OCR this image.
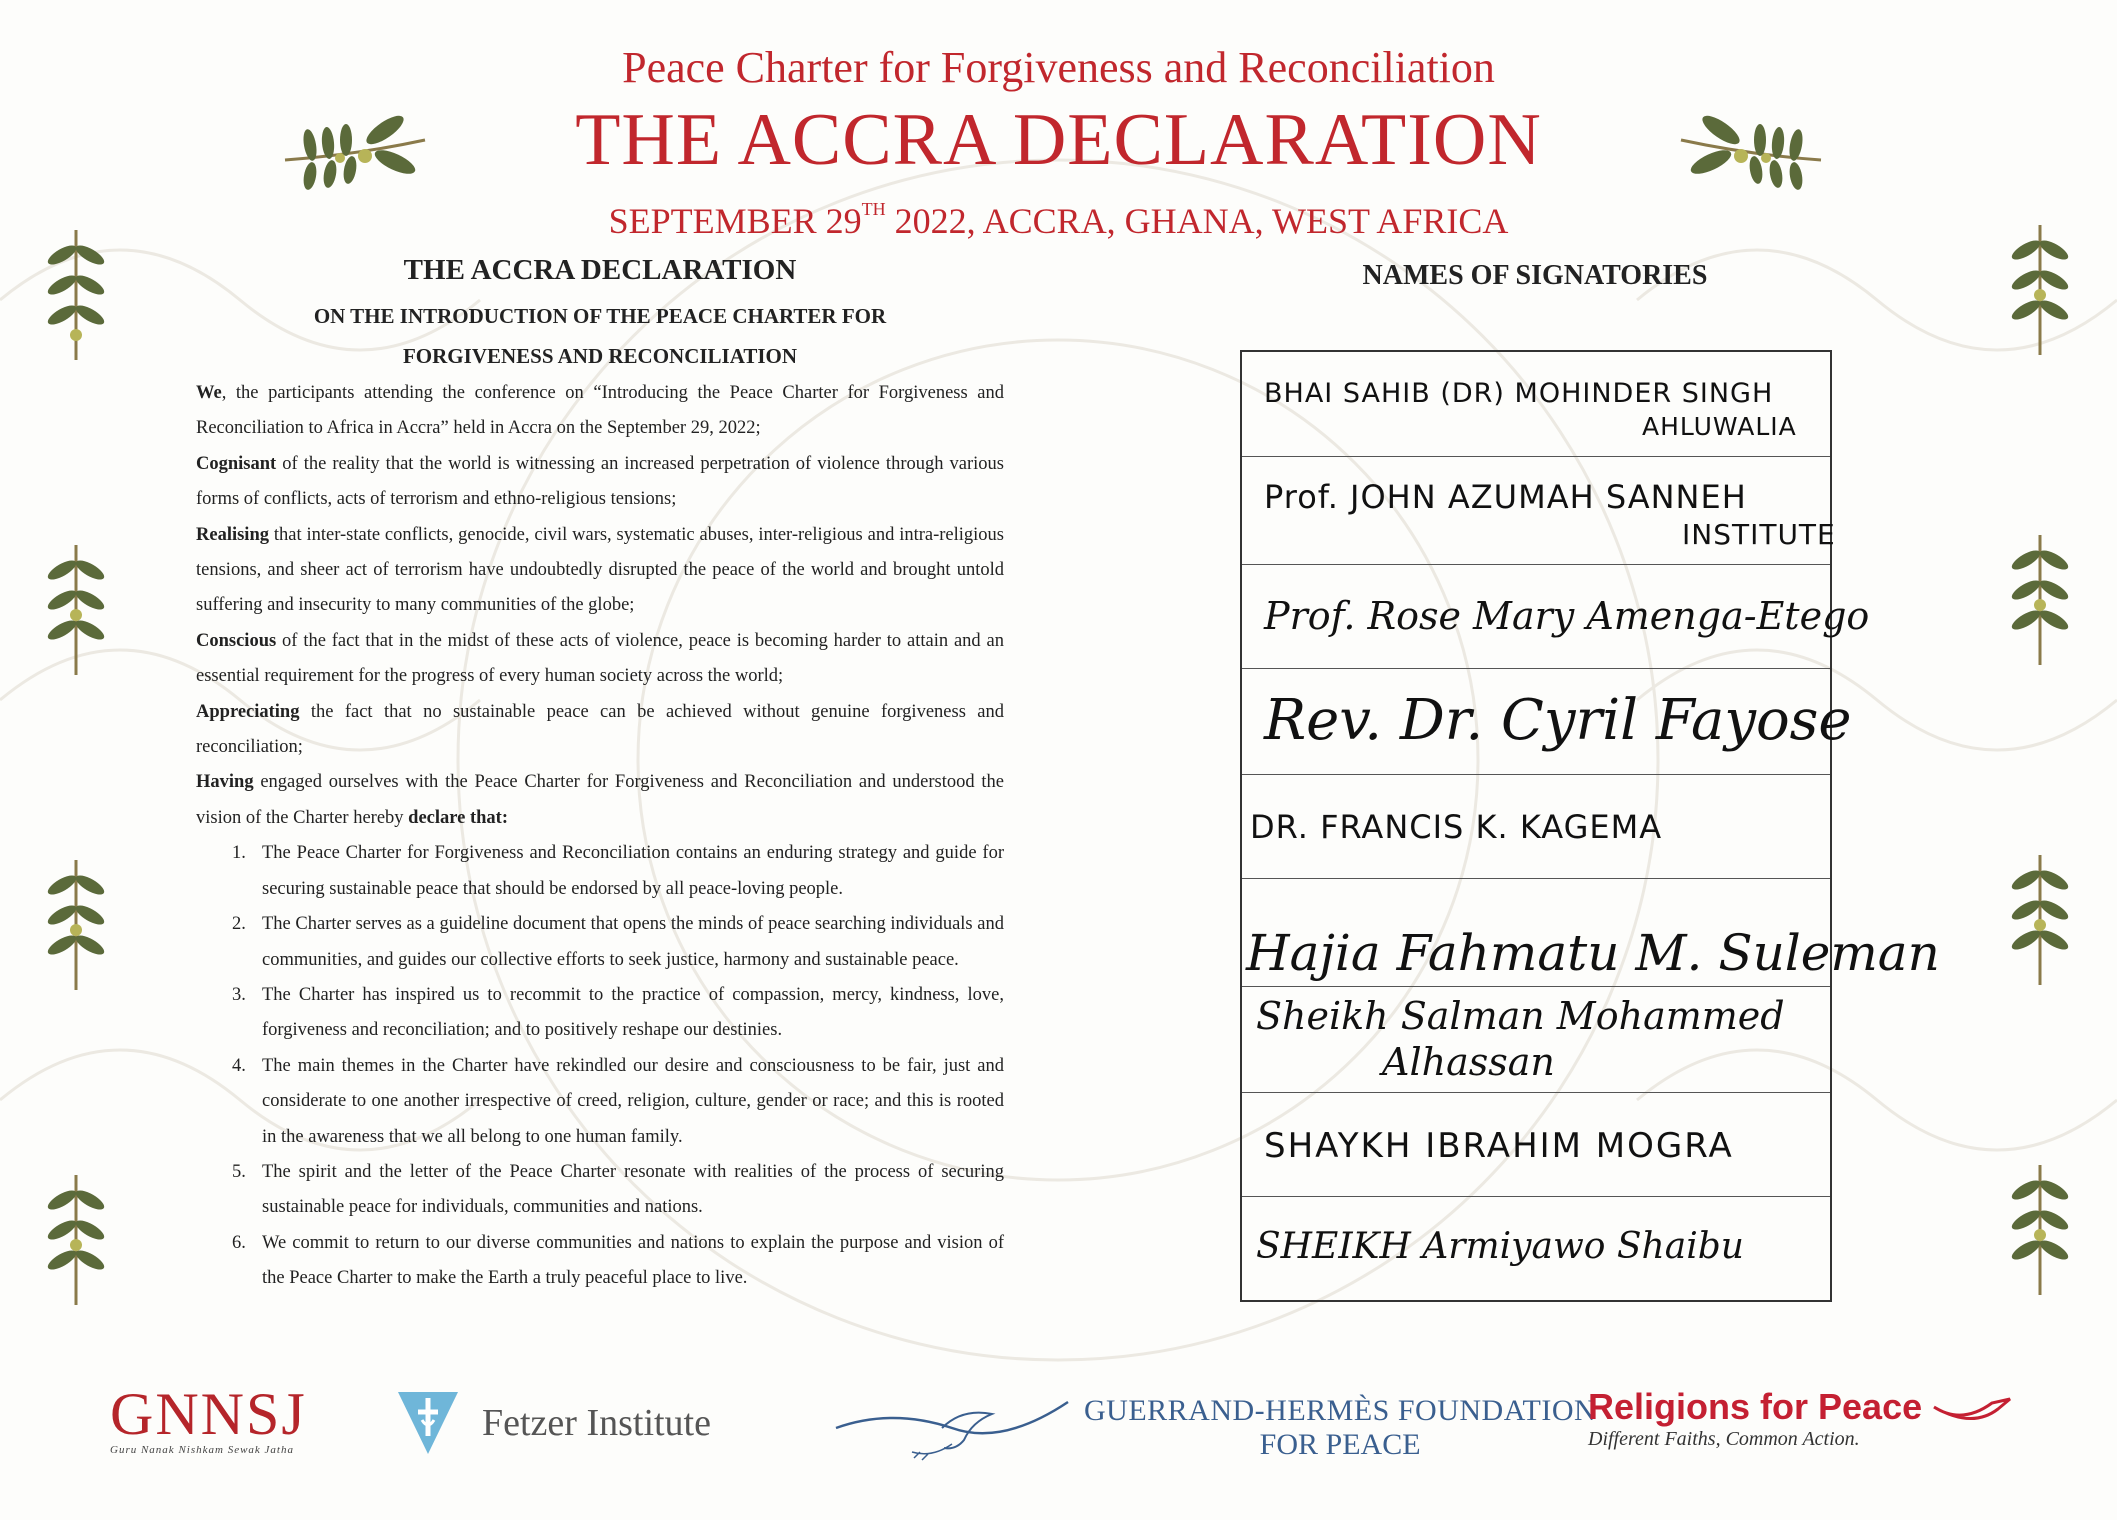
Peace Charter for Forgiveness and Reconciliation
THE ACCRA DECLARATION
SEPTEMBER 29TH 2022, ACCRA, GHANA, WEST AFRICA
THE ACCRA DECLARATION
ON THE INTRODUCTION OF THE PEACE CHARTER FOR
FORGIVENESS AND RECONCILIATION

We, the participants attending the conference on “Introducing the Peace Charter for Forgiveness and Reconciliation to Africa in Accra” held in Accra on the September 29, 2022;

Cognisant of the reality that the world is witnessing an increased perpetration of violence through various forms of conflicts, acts of terrorism and ethno-religious tensions;

Realising that inter-state conflicts, genocide, civil wars, systematic abuses, inter-religious and intra-religious tensions, and sheer act of terrorism have undoubtedly disrupted the peace of the world and brought untold suffering and insecurity to many communities of the globe;

Conscious of the fact that in the midst of these acts of violence, peace is becoming harder to attain and an essential requirement for the progress of every human society across the world;

Appreciating the fact that no sustainable peace can be achieved without genuine forgiveness and reconciliation;

Having engaged ourselves with the Peace Charter for Forgiveness and Reconciliation and understood the vision of the Charter hereby declare that:

1. The Peace Charter for Forgiveness and Reconciliation contains an enduring strategy and guide for securing sustainable peace that should be endorsed by all peace-loving people.
2. The Charter serves as a guideline document that opens the minds of peace searching individuals and communities, and guides our collective efforts to seek justice, harmony and sustainable peace.
3. The Charter has inspired us to recommit to the practice of compassion, mercy, kindness, love, forgiveness and reconciliation; and to positively reshape our destinies.
4. The main themes in the Charter have rekindled our desire and consciousness to be fair, just and considerate to one another irrespective of creed, religion, culture, gender or race; and this is rooted in the awareness that we all belong to one human family.
5. The spirit and the letter of the Peace Charter resonate with realities of the process of securing sustainable peace for individuals, communities and nations.
6. We commit to return to our diverse communities and nations to explain the purpose and vision of the Peace Charter to make the Earth a truly peaceful place to live.
NAMES OF SIGNATORIES
BHAI SAHIB (DR) MOHINDER SINGH
AHLUWALIA
Prof. JOHN AZUMAH SANNEH
INSTITUTE
Prof. Rose Mary Amenga-Etego
Rev. Dr. Cyril Fayose
DR. FRANCIS K. KAGEMA
Hajia Fahmatu M. Suleman
Sheikh Salman Mohammed
Alhassan
SHAYKH IBRAHIM MOGRA
SHEIKH Armiyawo Shaibu
GNNSJ
Guru Nanak Nishkam Sewak Jatha
Fetzer Institute	GUERRAND-HERMÈS FOUNDATION
FOR PEACE
Religions for Peace
Different Faiths, Common Action.
